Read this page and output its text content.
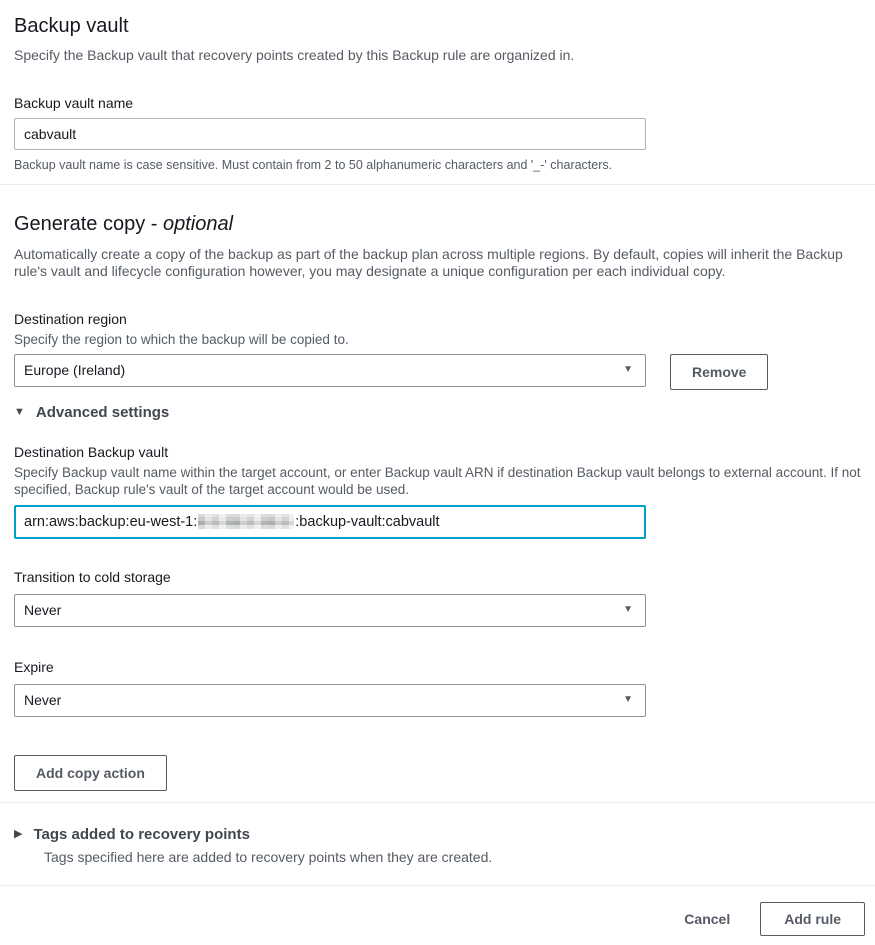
Backup vault

Specify the Backup vault that recovery points created by this Backup rule are organized in.

Backup vault name
cabvault

Backup vault name is case sensitive. Must contain from 2 to 50 alphanumeric characters and '_-' characters.

Generate copy - optional

Automatically create a copy of the backup as part of the backup plan across multiple regions. By default, copies will inherit the Backup rule's vault and lifecycle configuration however, you may designate a unique configuration per each individual copy.

Destination region
Specify the region to which the backup will be copied to.
Europe (Ireland)	▼	Remove
▼ Advanced settings
Destination Backup vault
Specify Backup vault name within the target account, or enter Backup vault ARN if destination Backup vault belongs to external account. If not specified, Backup rule's vault of the target account would be used.
arn:aws:backup:eu-west-1:	:backup-vault:cabvault
Transition to cold storage
Never	▼
Expire
Never	▼
Add copy action
▶ Tags added to recovery points
Tags specified here are added to recovery points when they are created.
Cancel	Add rule
